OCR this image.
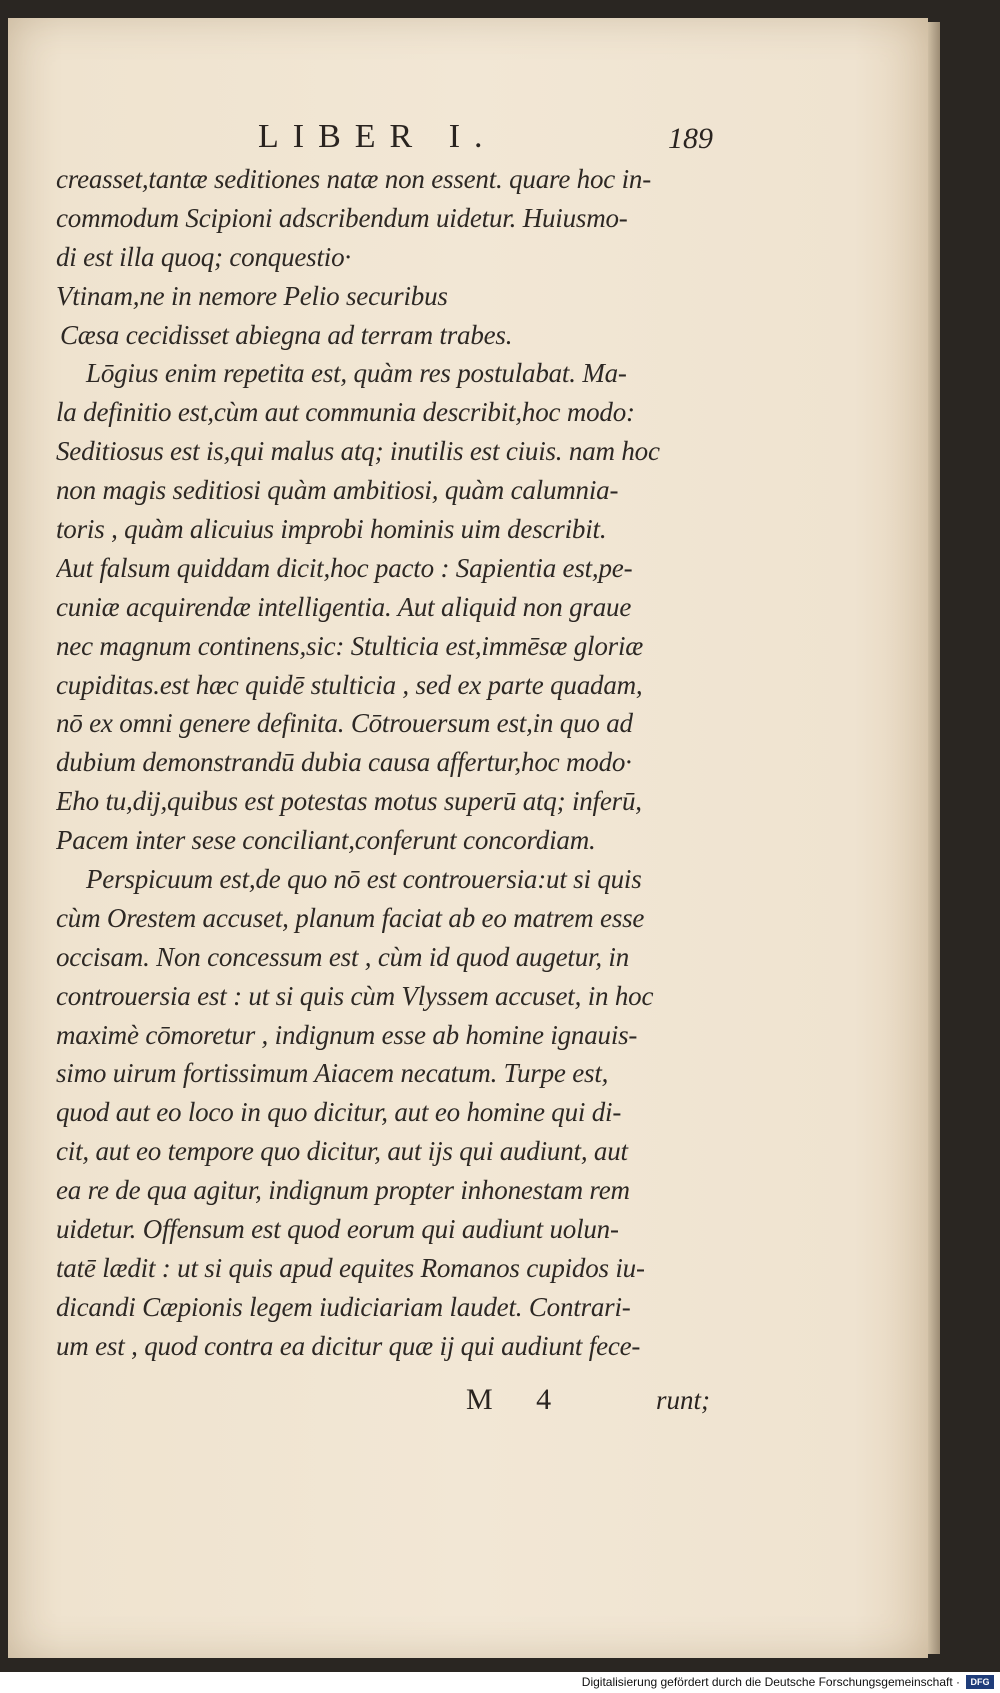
LIBER I.	189
creasset,tantæ seditiones natæ non essent. quare hoc in-
commodum Scipioni adscribendum uidetur. Huiusmo-
di est illa quoq; conquestio·
Vtinam,ne in nemore Pelio securibus
Cæsa cecidisset abiegna ad terram trabes.
Lōgius enim repetita est, quàm res postulabat. Ma-
la definitio est,cùm aut communia describit,hoc modo:
Seditiosus est is,qui malus atq; inutilis est ciuis. nam hoc
non magis seditiosi quàm ambitiosi, quàm calumnia-
toris , quàm alicuius improbi hominis uim describit.
Aut falsum quiddam dicit,hoc pacto : Sapientia est,pe-
cuniæ acquirendæ intelligentia. Aut aliquid non graue
nec magnum continens,sic: Stulticia est,immēsæ gloriæ
cupiditas.est hæc quidē stulticia , sed ex parte quadam,
nō ex omni genere definita. Cōtrouersum est,in quo ad
dubium demonstrandū dubia causa affertur,hoc modo·
Eho tu,dij,quibus est potestas motus superū atq; inferū,
Pacem inter sese conciliant,conferunt concordiam.
Perspicuum est,de quo nō est controuersia:ut si quis
cùm Orestem accuset, planum faciat ab eo matrem esse
occisam. Non concessum est , cùm id quod augetur, in
controuersia est : ut si quis cùm Vlyssem accuset, in hoc
maximè cōmoretur , indignum esse ab homine ignauis-
simo uirum fortissimum Aiacem necatum. Turpe est,
quod aut eo loco in quo dicitur, aut eo homine qui di-
cit, aut eo tempore quo dicitur, aut ijs qui audiunt, aut
ea re de qua agitur, indignum propter inhonestam rem
uidetur. Offensum est quod eorum qui audiunt uolun-
tatē lædit : ut si quis apud equites Romanos cupidos iu-
dicandi Cæpionis legem iudiciariam laudet. Contrari-
um est , quod contra ea dicitur quæ ij qui audiunt fece-
M 4	runt;
Digitalisierung gefördert durch die Deutsche Forschungsgemeinschaft ·	DFG
